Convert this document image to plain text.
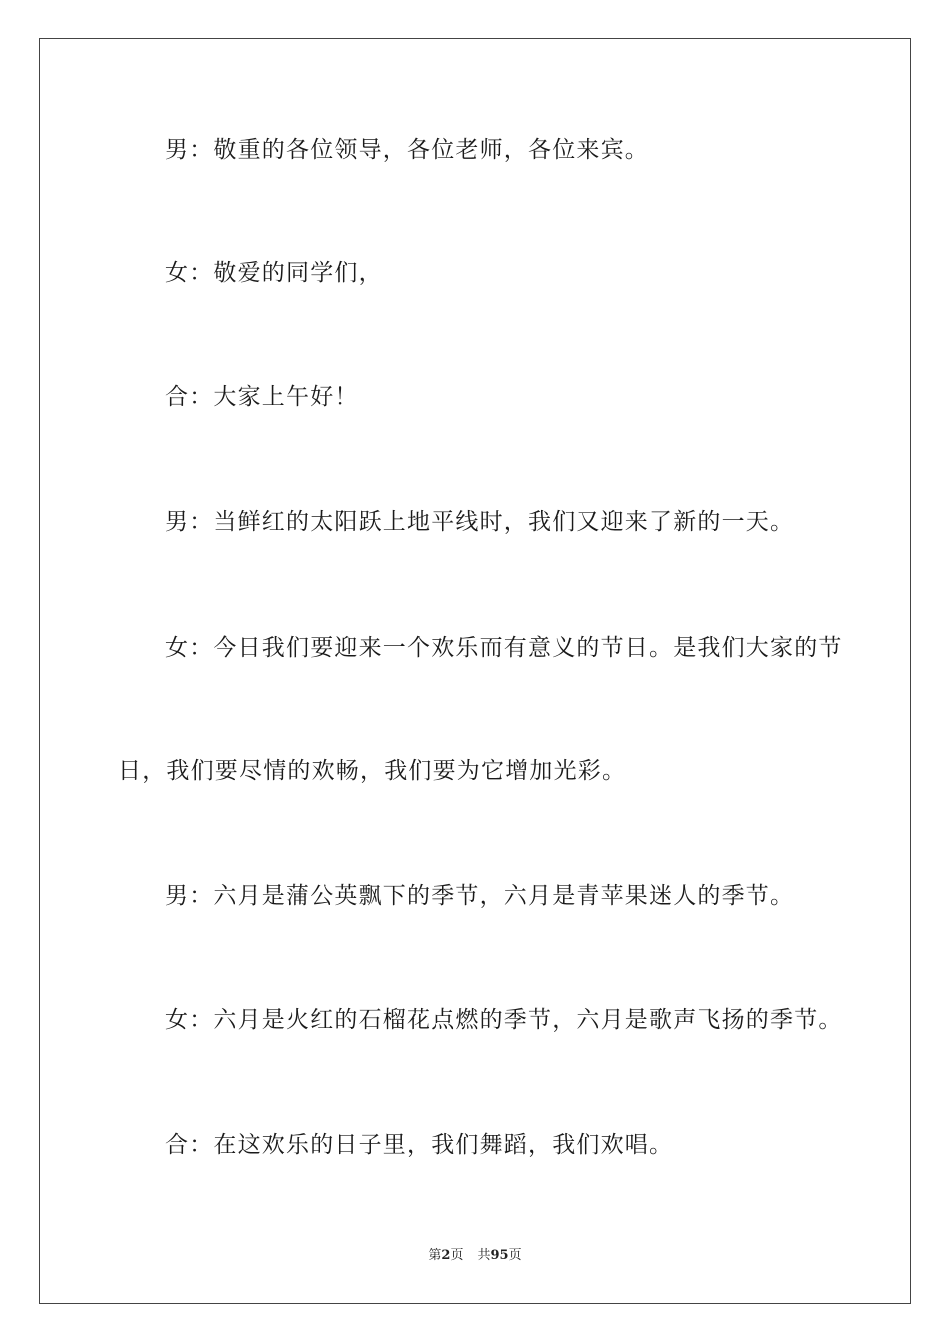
男：敬重的各位领导，各位老师，各位来宾。
女：敬爱的同学们，
合：大家上午好！
男：当鲜红的太阳跃上地平线时，我们又迎来了新的一天。
女：今日我们要迎来一个欢乐而有意义的节日。是我们大家的节
日，我们要尽情的欢畅，我们要为它增加光彩。
男：六月是蒲公英飘下的季节，六月是青苹果迷人的季节。
女：六月是火红的石榴花点燃的季节，六月是歌声飞扬的季节。
合：在这欢乐的日子里，我们舞蹈，我们欢唱。
第2页 共95页
